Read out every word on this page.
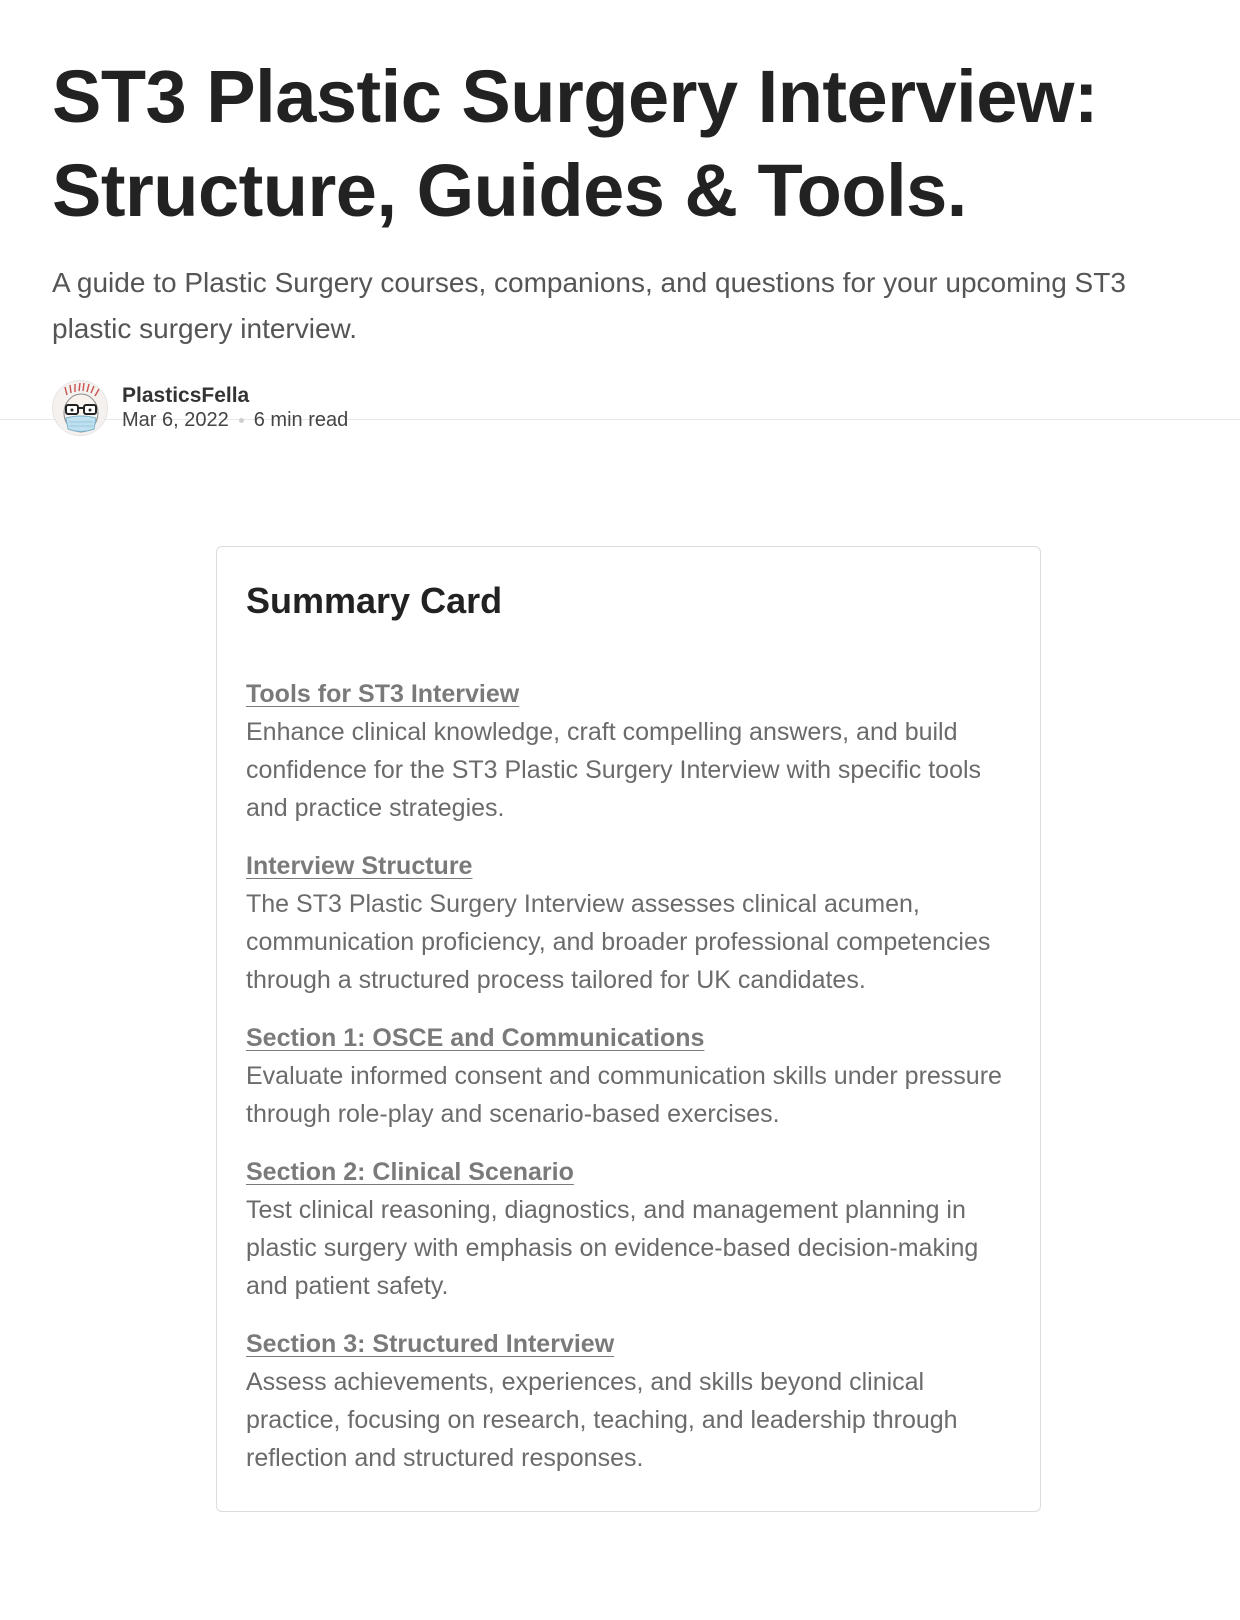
ST3 Plastic Surgery Interview: Structure, Guides & Tools.

A guide to Plastic Surgery courses, companions, and questions for your upcoming ST3 plastic surgery interview.

PlasticsFella
Mar 6, 2022 6 min read
Summary Card
Tools for ST3 Interview

Enhance clinical knowledge, craft compelling answers, and build confidence for the ST3 Plastic Surgery Interview with specific tools and practice strategies.

Interview Structure

The ST3 Plastic Surgery Interview assesses clinical acumen, communication proficiency, and broader professional competencies through a structured process tailored for UK candidates.

Section 1: OSCE and Communications

Evaluate informed consent and communication skills under pressure through role-play and scenario-based exercises.

Section 2: Clinical Scenario

Test clinical reasoning, diagnostics, and management planning in plastic surgery with emphasis on evidence-based decision-making and patient safety.

Section 3: Structured Interview

Assess achievements, experiences, and skills beyond clinical practice, focusing on research, teaching, and leadership through reflection and structured responses.
